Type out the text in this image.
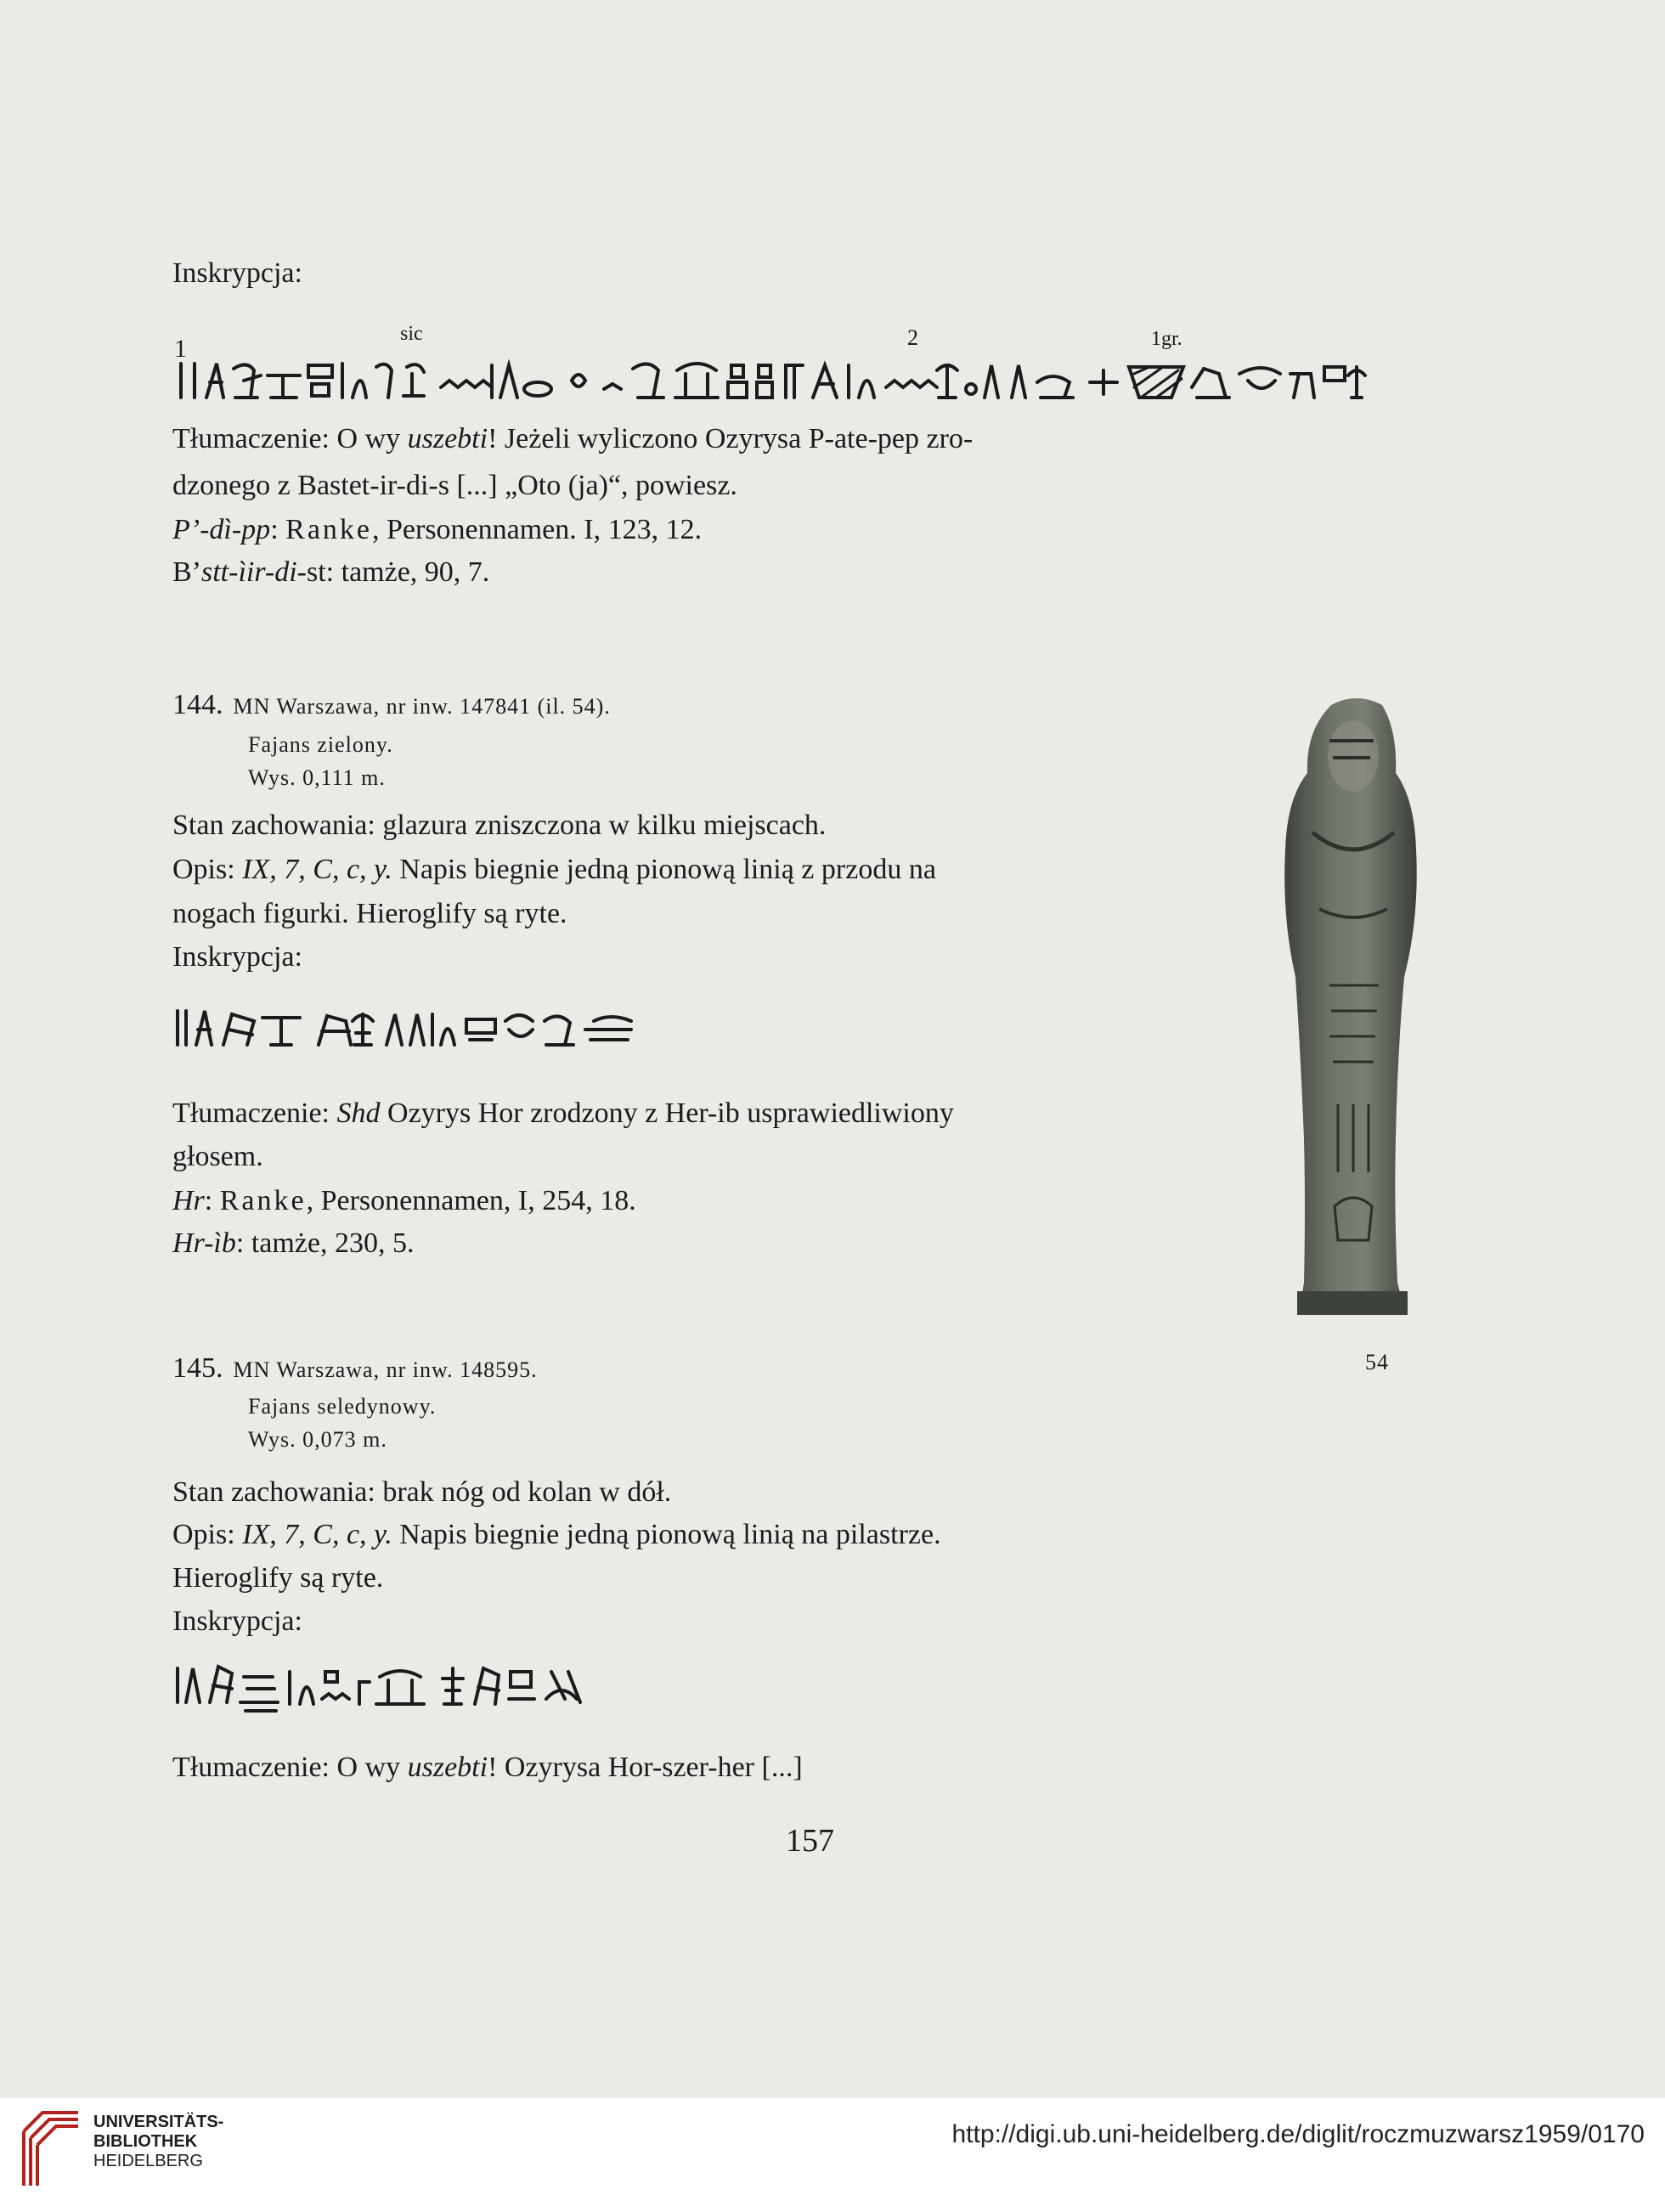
Inskrypcja:
1
sic	2	1gr.
Tłumaczenie: O wy uszebti! Jeżeli wyliczono Ozyrysa P-ate-pep zro-
dzonego z Bastet-ir-di-s [...] „Oto (ja)“, powiesz.
P’-dì-pp: Ranke, Personennamen. I, 123, 12.
B’stt-ìir-di-st: tamże, 90, 7.
144. MN Warszawa, nr inw. 147841 (il. 54).
Fajans zielony.
Wys. 0,111 m.
Stan zachowania: glazura zniszczona w kilku miejscach.
Opis: IX, 7, C, c, y. Napis biegnie jedną pionową linią z przodu na
nogach figurki. Hieroglify są ryte.
Inskrypcja:
Tłumaczenie: Shd Ozyrys Hor zrodzony z Her-ib usprawiedliwiony
głosem.
Hr: Ranke, Personennamen, I, 254, 18.
Hr-ìb: tamże, 230, 5.
54
145. MN Warszawa, nr inw. 148595.
Fajans seledynowy.
Wys. 0,073 m.
Stan zachowania: brak nóg od kolan w dół.
Opis: IX, 7, C, c, y. Napis biegnie jedną pionową linią na pilastrze.
Hieroglify są ryte.
Inskrypcja:
Tłumaczenie: O wy uszebti! Ozyrysa Hor-szer-her [...]
157
UNIVERSITÄTS-
BIBLIOTHEK
HEIDELBERG
http://digi.ub.uni-heidelberg.de/diglit/roczmuzwarsz1959/0170
